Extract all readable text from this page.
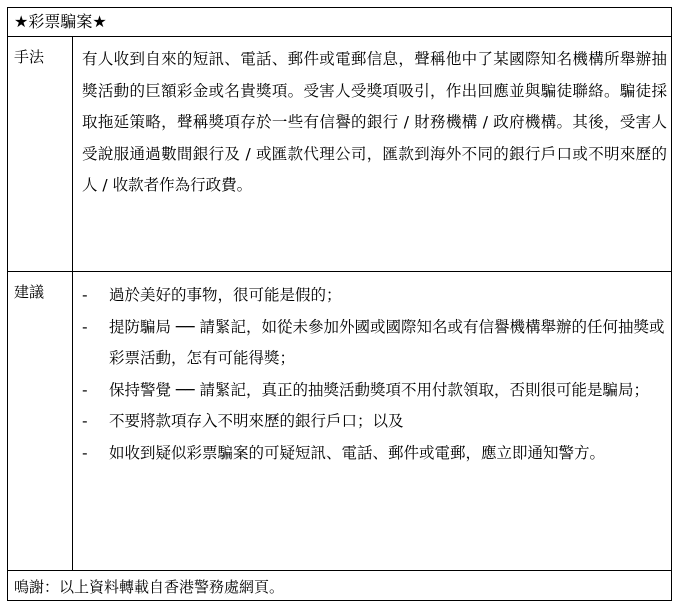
★彩票騙案★
手法 有人收到自來的短訊、電話、郵件或電郵信息，聲稱他中了某國際知名機構所舉辦抽獎活動的巨額彩金或名貴獎項。受害人受獎項吸引，作出回應並與騙徒聯絡。騙徒採取拖延策略，聲稱獎項存於一些有信譽的銀行 / 財務機構 / 政府機構。其後，受害人受說服通過數間銀行及 / 或匯款代理公司，匯款到海外不同的銀行戶口或不明來歷的人 / 收款者作為行政費。
建議 - 過於美好的事物，很可能是假的；
- 提防騙局 ── 請緊記，如從未參加外國或國際知名或有信譽機構舉辦的任何抽獎或彩票活動，怎有可能得獎；
- 保持警覺 ── 請緊記，真正的抽獎活動獎項不用付款領取，否則很可能是騙局；
- 不要將款項存入不明來歷的銀行戶口；以及
- 如收到疑似彩票騙案的可疑短訊、電話、郵件或電郵，應立即通知警方。
鳴謝：以上資料轉載自香港警務處網頁。
